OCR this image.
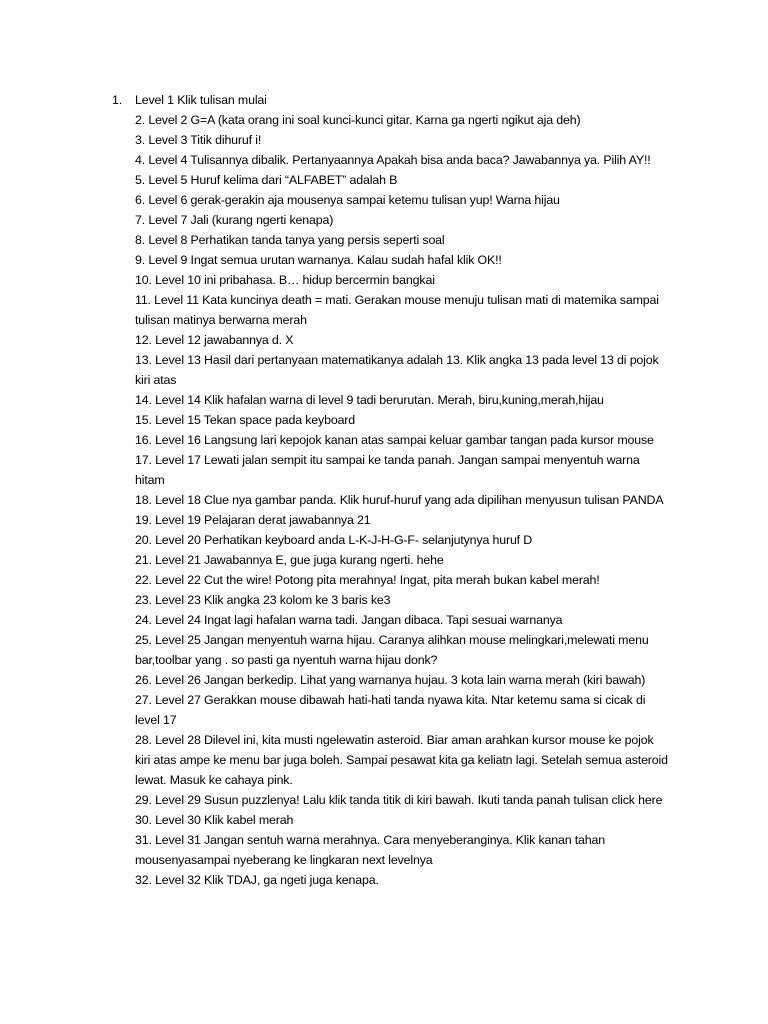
1.	Level 1 Klik tulisan mulai
2. Level 2 G=A (kata orang ini soal kunci-kunci gitar. Karna ga ngerti ngikut aja deh)
3. Level 3 Titik dihuruf i!
4. Level 4 Tulisannya dibalik. Pertanyaannya Apakah bisa anda baca? Jawabannya ya. Pilih AY!!
5. Level 5 Huruf kelima dari “ALFABET” adalah B
6. Level 6 gerak-gerakin aja mousenya sampai ketemu tulisan yup! Warna hijau
7. Level 7 Jali (kurang ngerti kenapa)
8. Level 8 Perhatikan tanda tanya yang persis seperti soal
9. Level 9 Ingat semua urutan warnanya. Kalau sudah hafal klik OK!!
10. Level 10 ini pribahasa. B… hidup bercermin bangkai
11. Level 11 Kata kuncinya death = mati. Gerakan mouse menuju tulisan mati di matemika sampai tulisan matinya berwarna merah
12. Level 12 jawabannya d. X
13. Level 13 Hasil dari pertanyaan matematikanya adalah 13. Klik angka 13 pada level 13 di pojok kiri atas
14. Level 14 Klik hafalan warna di level 9 tadi berurutan. Merah, biru,kuning,merah,hijau
15. Level 15 Tekan space pada keyboard
16. Level 16 Langsung lari kepojok kanan atas sampai keluar gambar tangan pada kursor mouse
17. Level 17 Lewati jalan sempit itu sampai ke tanda panah. Jangan sampai menyentuh warna hitam
18. Level 18 Clue nya gambar panda. Klik huruf-huruf yang ada dipilihan menyusun tulisan PANDA
19. Level 19 Pelajaran derat jawabannya 21
20. Level 20 Perhatikan keyboard anda L-K-J-H-G-F- selanjutynya huruf D
21. Level 21 Jawabannya E, gue juga kurang ngerti. hehe
22. Level 22 Cut the wire! Potong pita merahnya! Ingat, pita merah bukan kabel merah!
23. Level 23 Klik angka 23 kolom ke 3 baris ke3
24. Level 24 Ingat lagi hafalan warna tadi. Jangan dibaca. Tapi sesuai warnanya
25. Level 25 Jangan menyentuh warna hijau. Caranya alihkan mouse melingkari,melewati menu bar,toolbar yang . so pasti ga nyentuh warna hijau donk?
26. Level 26 Jangan berkedip. Lihat yang warnanya hujau. 3 kota lain warna merah (kiri bawah)
27. Level 27 Gerakkan mouse dibawah hati-hati tanda nyawa kita. Ntar ketemu sama si cicak di level 17
28. Level 28 Dilevel ini, kita musti ngelewatin asteroid. Biar aman arahkan kursor mouse ke pojok kiri atas ampe ke menu bar juga boleh. Sampai pesawat kita ga keliatn lagi. Setelah semua asteroid lewat. Masuk ke cahaya pink.
29. Level 29 Susun puzzlenya! Lalu klik tanda titik di kiri bawah. Ikuti tanda panah tulisan click here
30. Level 30 Klik kabel merah
31. Level 31 Jangan sentuh warna merahnya. Cara menyeberanginya. Klik kanan tahan mousenyasampai nyeberang ke lingkaran next levelnya
32. Level 32 Klik TDAJ, ga ngeti juga kenapa.
